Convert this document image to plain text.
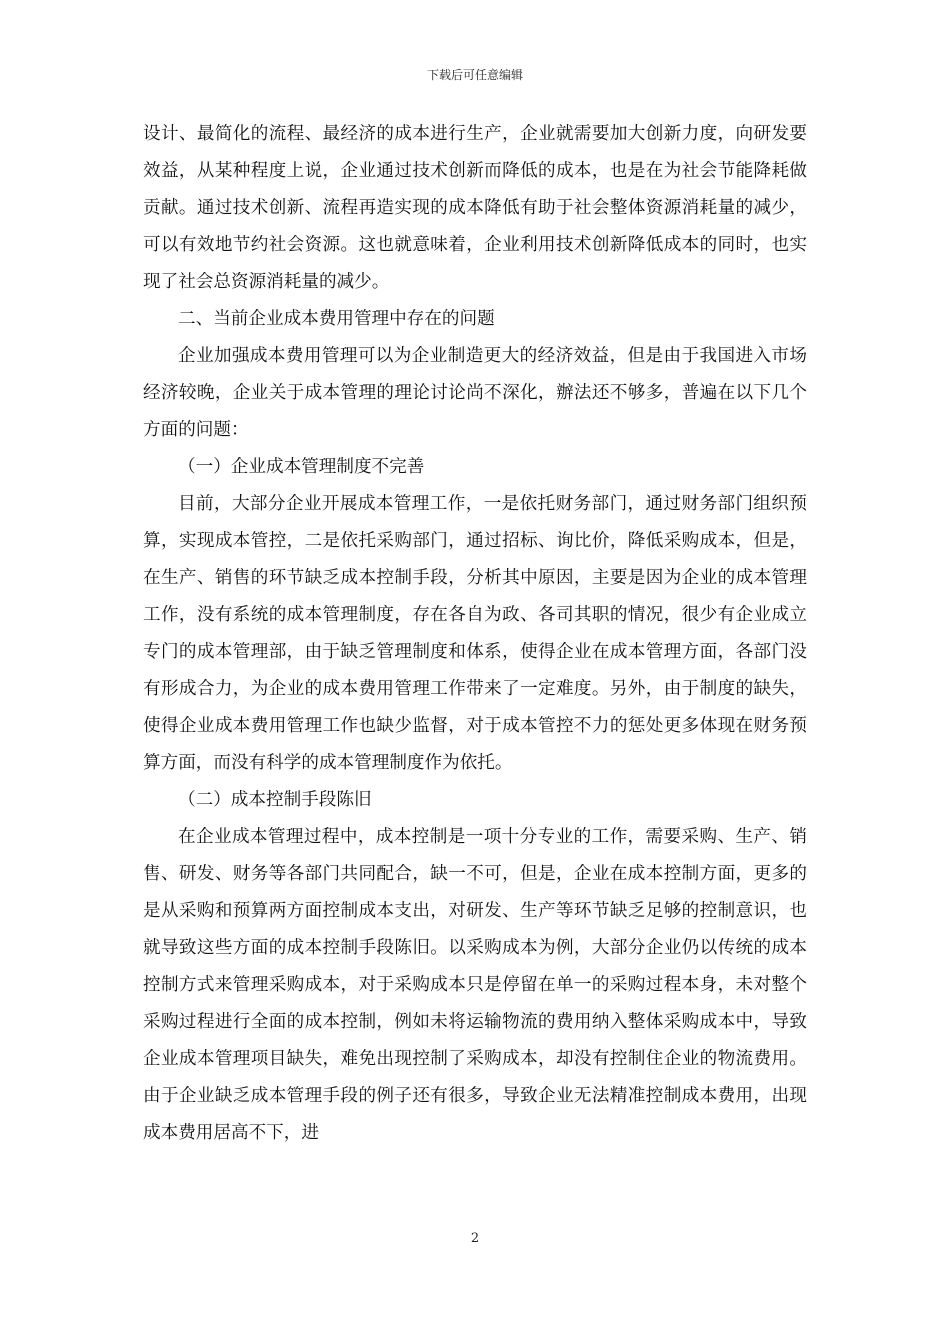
下载后可任意编辑

设计、最简化的流程、最经济的成本进行生产，企业就需要加大创新力度，向研发要效益，从某种程度上说，企业通过技术创新而降低的成本，也是在为社会节能降耗做贡献。通过技术创新、流程再造实现的成本降低有助于社会整体资源消耗量的减少，可以有效地节约社会资源。这也就意味着，企业利用技术创新降低成本的同时，也实现了社会总资源消耗量的减少。

二、当前企业成本费用管理中存在的问题

企业加强成本费用管理可以为企业制造更大的经济效益，但是由于我国进入市场经济较晚，企业关于成本管理的理论讨论尚不深化，辦法还不够多，普遍在以下几个方面的问题：

（一）企业成本管理制度不完善

目前，大部分企业开展成本管理工作，一是依托财务部门，通过财务部门组织预算，实现成本管控，二是依托采购部门，通过招标、询比价，降低采购成本，但是，在生产、销售的环节缺乏成本控制手段，分析其中原因，主要是因为企业的成本管理工作，没有系统的成本管理制度，存在各自为政、各司其职的情况，很少有企业成立专门的成本管理部，由于缺乏管理制度和体系，使得企业在成本管理方面，各部门没有形成合力，为企业的成本费用管理工作带来了一定难度。另外，由于制度的缺失，使得企业成本费用管理工作也缺少监督，对于成本管控不力的惩处更多体现在财务预算方面，而没有科学的成本管理制度作为依托。

（二）成本控制手段陈旧

在企业成本管理过程中，成本控制是一项十分专业的工作，需要采购、生产、销售、研发、财务等各部门共同配合，缺一不可，但是，企业在成本控制方面，更多的是从采购和预算两方面控制成本支出，对研发、生产等环节缺乏足够的控制意识，也就导致这些方面的成本控制手段陈旧。以采购成本为例，大部分企业仍以传统的成本控制方式来管理采购成本，对于采购成本只是停留在单一的采购过程本身，未对整个采购过程进行全面的成本控制，例如未将运输物流的费用纳入整体采购成本中，导致企业成本管理项目缺失，难免出现控制了采购成本，却没有控制住企业的物流费用。由于企业缺乏成本管理手段的例子还有很多，导致企业无法精准控制成本费用，出现成本费用居高不下，进

2
